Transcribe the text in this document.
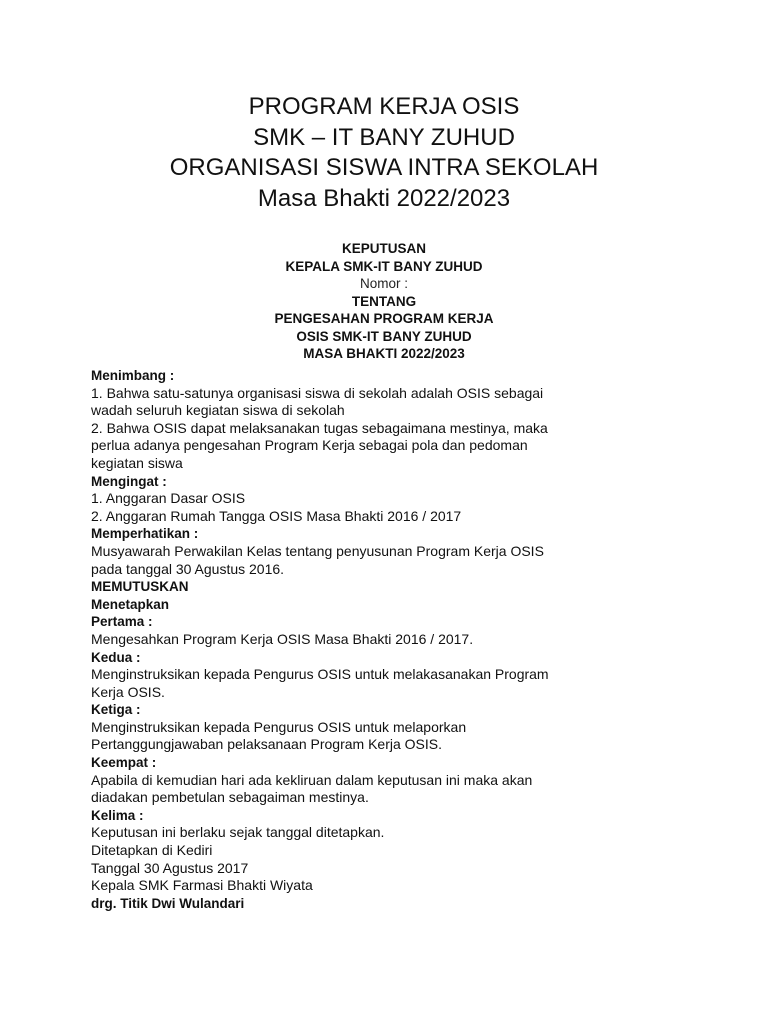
PROGRAM KERJA OSIS
SMK – IT BANY ZUHUD
ORGANISASI SISWA INTRA SEKOLAH
Masa Bhakti 2022/2023
KEPUTUSAN
KEPALA SMK-IT BANY ZUHUD
Nomor :
TENTANG
PENGESAHAN PROGRAM KERJA
OSIS SMK-IT BANY ZUHUD
MASA BHAKTI 2022/2023
Menimbang :
1. Bahwa satu-satunya organisasi siswa di sekolah adalah OSIS sebagai
wadah seluruh kegiatan siswa di sekolah
2. Bahwa OSIS dapat melaksanakan tugas sebagaimana mestinya, maka
perlua adanya pengesahan Program Kerja sebagai pola dan pedoman
kegiatan siswa
Mengingat :
1. Anggaran Dasar OSIS
2. Anggaran Rumah Tangga OSIS Masa Bhakti 2016 / 2017
Memperhatikan :
Musyawarah Perwakilan Kelas tentang penyusunan Program Kerja OSIS
pada tanggal 30 Agustus 2016.
MEMUTUSKAN
Menetapkan
Pertama :
Mengesahkan Program Kerja OSIS Masa Bhakti 2016 / 2017.
Kedua :
Menginstruksikan kepada Pengurus OSIS untuk melakasanakan Program
Kerja OSIS.
Ketiga :
Menginstruksikan kepada Pengurus OSIS untuk melaporkan
Pertanggungjawaban pelaksanaan Program Kerja OSIS.
Keempat :
Apabila di kemudian hari ada kekliruan dalam keputusan ini maka akan
diadakan pembetulan sebagaiman mestinya.
Kelima :
Keputusan ini berlaku sejak tanggal ditetapkan.
Ditetapkan di Kediri
Tanggal 30 Agustus 2017
Kepala SMK Farmasi Bhakti Wiyata
drg. Titik Dwi Wulandari
